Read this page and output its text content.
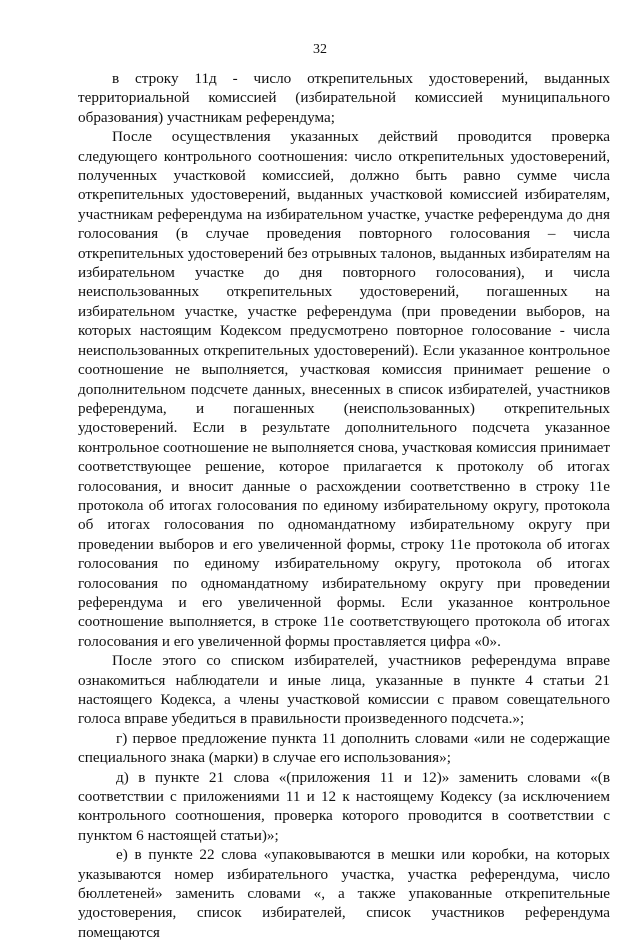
32

в строку 11д - число открепительных удостоверений, выданных территориальной комиссией (избирательной комиссией муниципального образования) участникам референдума;

После осуществления указанных действий проводится проверка следующего контрольного соотношения: число открепительных удостоверений, полученных участковой комиссией, должно быть равно сумме числа открепительных удостоверений, выданных участковой комиссией избирателям, участникам референдума на избирательном участке, участке референдума до дня голосования (в случае проведения повторного голосования – числа открепительных удостоверений без отрывных талонов, выданных избирателям на избирательном участке до дня повторного голосования), и числа неиспользованных открепительных удостоверений, погашенных на избирательном участке, участке референдума (при проведении выборов, на которых настоящим Кодексом предусмотрено повторное голосование - числа неиспользованных открепительных удостоверений). Если указанное контрольное соотношение не выполняется, участковая комиссия принимает решение о дополнительном подсчете данных, внесенных в список избирателей, участников референдума, и погашенных (неиспользованных) открепительных удостоверений. Если в результате дополнительного подсчета указанное контрольное соотношение не выполняется снова, участковая комиссия принимает соответствующее решение, которое прилагается к протоколу об итогах голосования, и вносит данные о расхождении соответственно в строку 11е протокола об итогах голосования по единому избирательному округу, протокола об итогах голосования по одномандатному избирательному округу при проведении выборов и его увеличенной формы, строку 11е протокола об итогах голосования по единому избирательному округу, протокола об итогах голосования по одномандатному избирательному округу при проведении референдума и его увеличенной формы. Если указанное контрольное соотношение выполняется, в строке 11е соответствующего протокола об итогах голосования и его увеличенной формы проставляется цифра «0».

После этого со списком избирателей, участников референдума вправе ознакомиться наблюдатели и иные лица, указанные в пункте 4 статьи 21 настоящего Кодекса, а члены участковой комиссии с правом совещательного голоса вправе убедиться в правильности произведенного подсчета.»;

г) первое предложение пункта 11 дополнить словами «или не содержащие специального знака (марки) в случае его использования»;

д) в пункте 21 слова «(приложения 11 и 12)» заменить словами «(в соответствии с приложениями 11 и 12 к настоящему Кодексу (за исключением контрольного соотношения, проверка которого проводится в соответствии с пунктом 6 настоящей статьи)»;

е) в пункте 22 слова «упаковываются в мешки или коробки, на которых указываются номер избирательного участка, участка референдума, число бюллетеней» заменить словами «, а также упакованные открепительные удостоверения, список избирателей, список участников референдума помещаются
